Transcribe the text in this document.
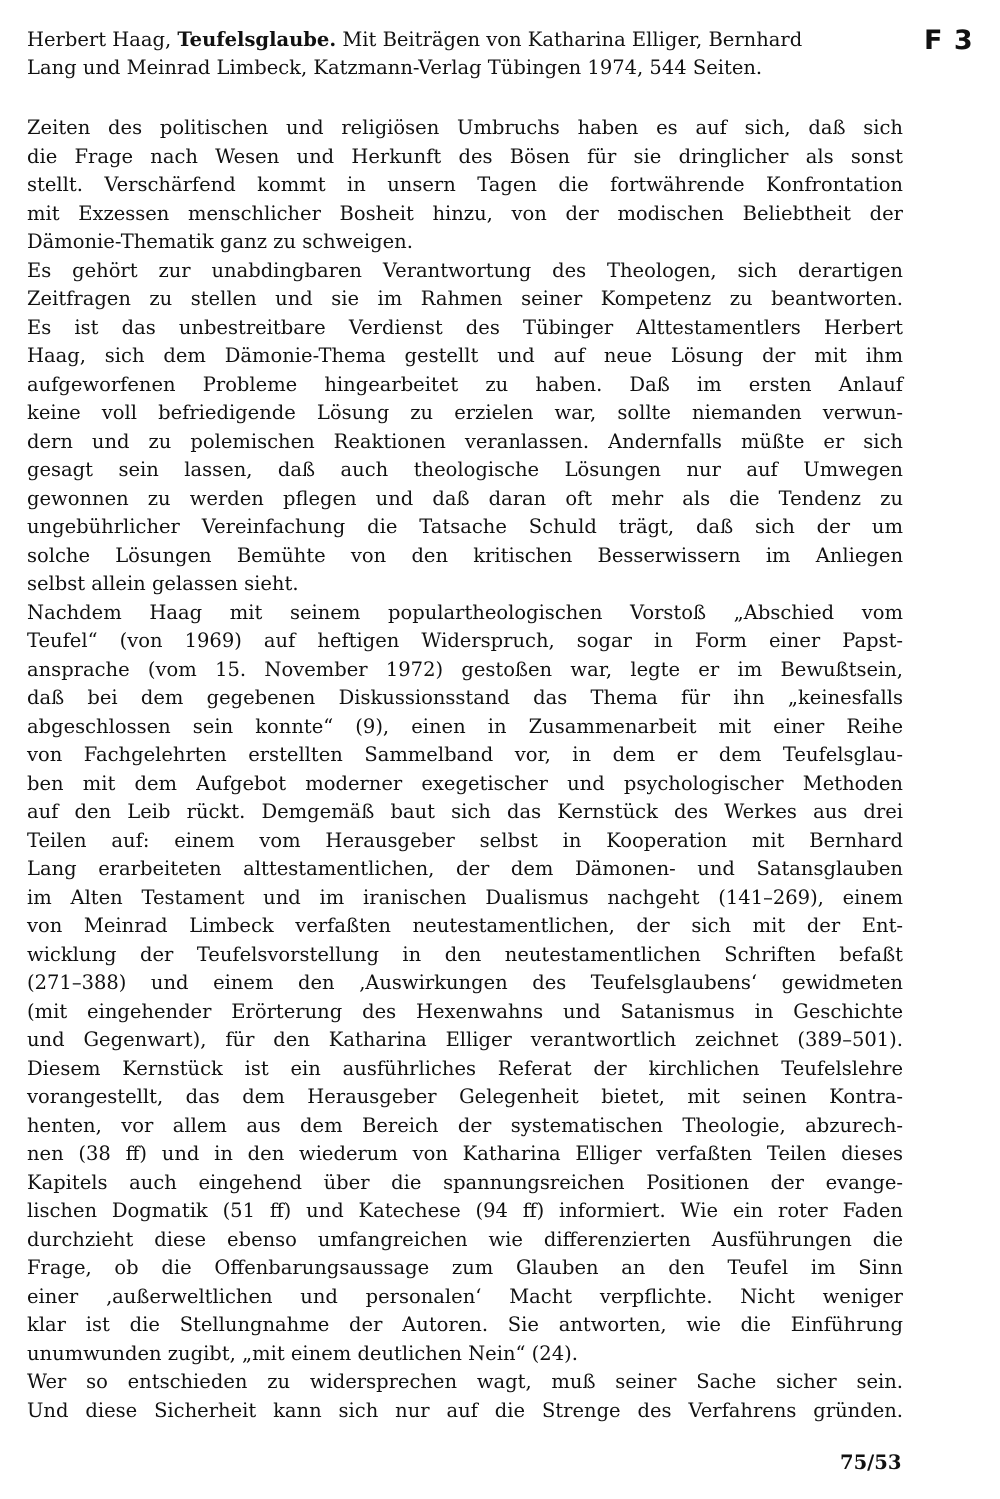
Herbert Haag, Teufelsglaube. Mit Beiträgen von Katharina Elliger, Bernhard
Lang und Meinrad Limbeck, Katzmann-Verlag Tübingen 1974, 544 Seiten.
F 3
Zeiten des politischen und religiösen Umbruchs haben es auf sich, daß sich
die Frage nach Wesen und Herkunft des Bösen für sie dringlicher als sonst
stellt. Verschärfend kommt in unsern Tagen die fortwährende Konfrontation
mit Exzessen menschlicher Bosheit hinzu, von der modischen Beliebtheit der
Dämonie-Thematik ganz zu schweigen.
Es gehört zur unabdingbaren Verantwortung des Theologen, sich derartigen
Zeitfragen zu stellen und sie im Rahmen seiner Kompetenz zu beantworten.
Es ist das unbestreitbare Verdienst des Tübinger Alttestamentlers Herbert
Haag, sich dem Dämonie-Thema gestellt und auf neue Lösung der mit ihm
aufgeworfenen Probleme hingearbeitet zu haben. Daß im ersten Anlauf
keine voll befriedigende Lösung zu erzielen war, sollte niemanden verwun-
dern und zu polemischen Reaktionen veranlassen. Andernfalls müßte er sich
gesagt sein lassen, daß auch theologische Lösungen nur auf Umwegen
gewonnen zu werden pflegen und daß daran oft mehr als die Tendenz zu
ungebührlicher Vereinfachung die Tatsache Schuld trägt, daß sich der um
solche Lösungen Bemühte von den kritischen Besserwissern im Anliegen
selbst allein gelassen sieht.
Nachdem Haag mit seinem populartheologischen Vorstoß „Abschied vom
Teufel“ (von 1969) auf heftigen Widerspruch, sogar in Form einer Papst-
ansprache (vom 15. November 1972) gestoßen war, legte er im Bewußtsein,
daß bei dem gegebenen Diskussionsstand das Thema für ihn „keinesfalls
abgeschlossen sein konnte“ (9), einen in Zusammenarbeit mit einer Reihe
von Fachgelehrten erstellten Sammelband vor, in dem er dem Teufelsglau-
ben mit dem Aufgebot moderner exegetischer und psychologischer Methoden
auf den Leib rückt. Demgemäß baut sich das Kernstück des Werkes aus drei
Teilen auf: einem vom Herausgeber selbst in Kooperation mit Bernhard
Lang erarbeiteten alttestamentlichen, der dem Dämonen- und Satansglauben
im Alten Testament und im iranischen Dualismus nachgeht (141–269), einem
von Meinrad Limbeck verfaßten neutestamentlichen, der sich mit der Ent-
wicklung der Teufelsvorstellung in den neutestamentlichen Schriften befaßt
(271–388) und einem den ‚Auswirkungen des Teufelsglaubens‘ gewidmeten
(mit eingehender Erörterung des Hexenwahns und Satanismus in Geschichte
und Gegenwart), für den Katharina Elliger verantwortlich zeichnet (389–501).
Diesem Kernstück ist ein ausführliches Referat der kirchlichen Teufelslehre
vorangestellt, das dem Herausgeber Gelegenheit bietet, mit seinen Kontra-
henten, vor allem aus dem Bereich der systematischen Theologie, abzurech-
nen (38 ff) und in den wiederum von Katharina Elliger verfaßten Teilen dieses
Kapitels auch eingehend über die spannungsreichen Positionen der evange-
lischen Dogmatik (51 ff) und Katechese (94 ff) informiert. Wie ein roter Faden
durchzieht diese ebenso umfangreichen wie differenzierten Ausführungen die
Frage, ob die Offenbarungsaussage zum Glauben an den Teufel im Sinn
einer ‚außerweltlichen und personalen‘ Macht verpflichte. Nicht weniger
klar ist die Stellungnahme der Autoren. Sie antworten, wie die Einführung
unumwunden zugibt, „mit einem deutlichen Nein“ (24).
Wer so entschieden zu widersprechen wagt, muß seiner Sache sicher sein.
Und diese Sicherheit kann sich nur auf die Strenge des Verfahrens gründen.
75/53
